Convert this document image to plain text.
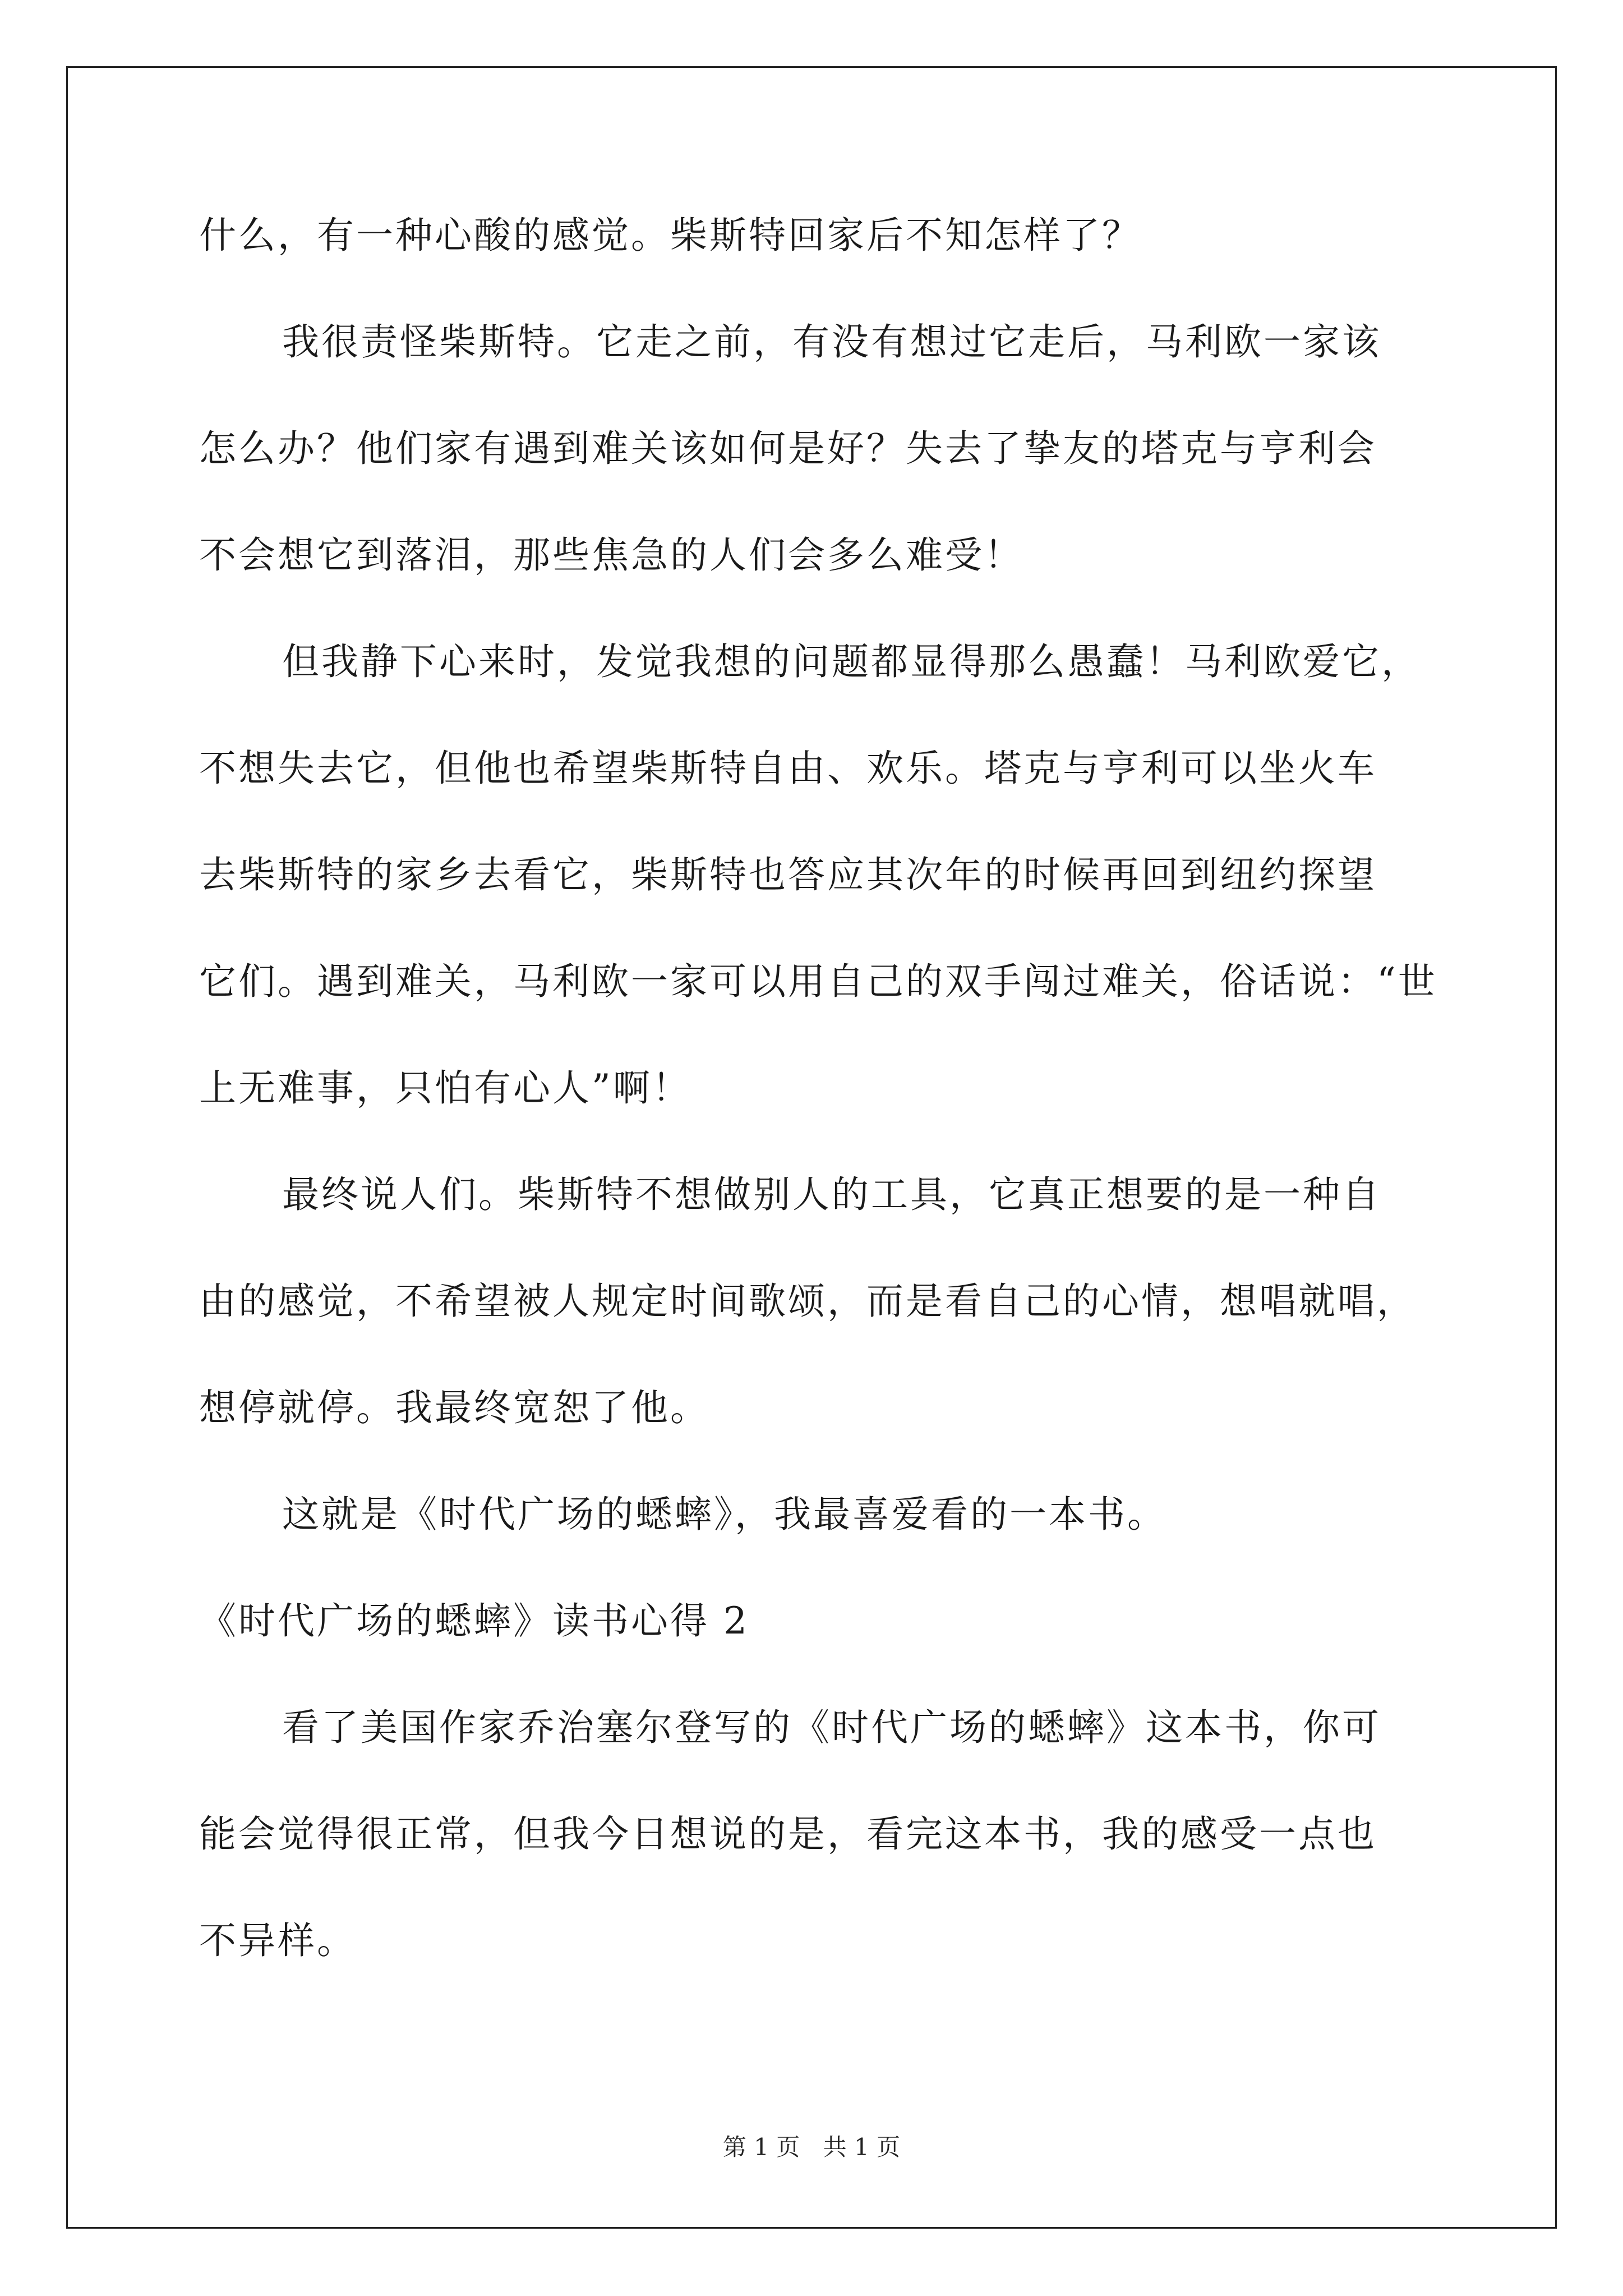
什么，有一种心酸的感觉。柴斯特回家后不知怎样了？
我很责怪柴斯特。它走之前，有没有想过它走后，马利欧一家该
怎么办？他们家有遇到难关该如何是好？失去了挚友的塔克与亨利会
不会想它到落泪，那些焦急的人们会多么难受！
但我静下心来时，发觉我想的问题都显得那么愚蠢！马利欧爱它，
不想失去它，但他也希望柴斯特自由、欢乐。塔克与亨利可以坐火车
去柴斯特的家乡去看它，柴斯特也答应其次年的时候再回到纽约探望
它们。遇到难关，马利欧一家可以用自己的双手闯过难关，俗话说：“世
上无难事，只怕有心人”啊！
最终说人们。柴斯特不想做别人的工具，它真正想要的是一种自
由的感觉，不希望被人规定时间歌颂，而是看自己的心情，想唱就唱，
想停就停。我最终宽恕了他。
这就是《时代广场的蟋蟀》，我最喜爱看的一本书。
《时代广场的蟋蟀》读书心得 2
看了美国作家乔治塞尔登写的《时代广场的蟋蟀》这本书，你可
能会觉得很正常，但我今日想说的是，看完这本书，我的感受一点也
不异样。
第 1 页 共 1 页
